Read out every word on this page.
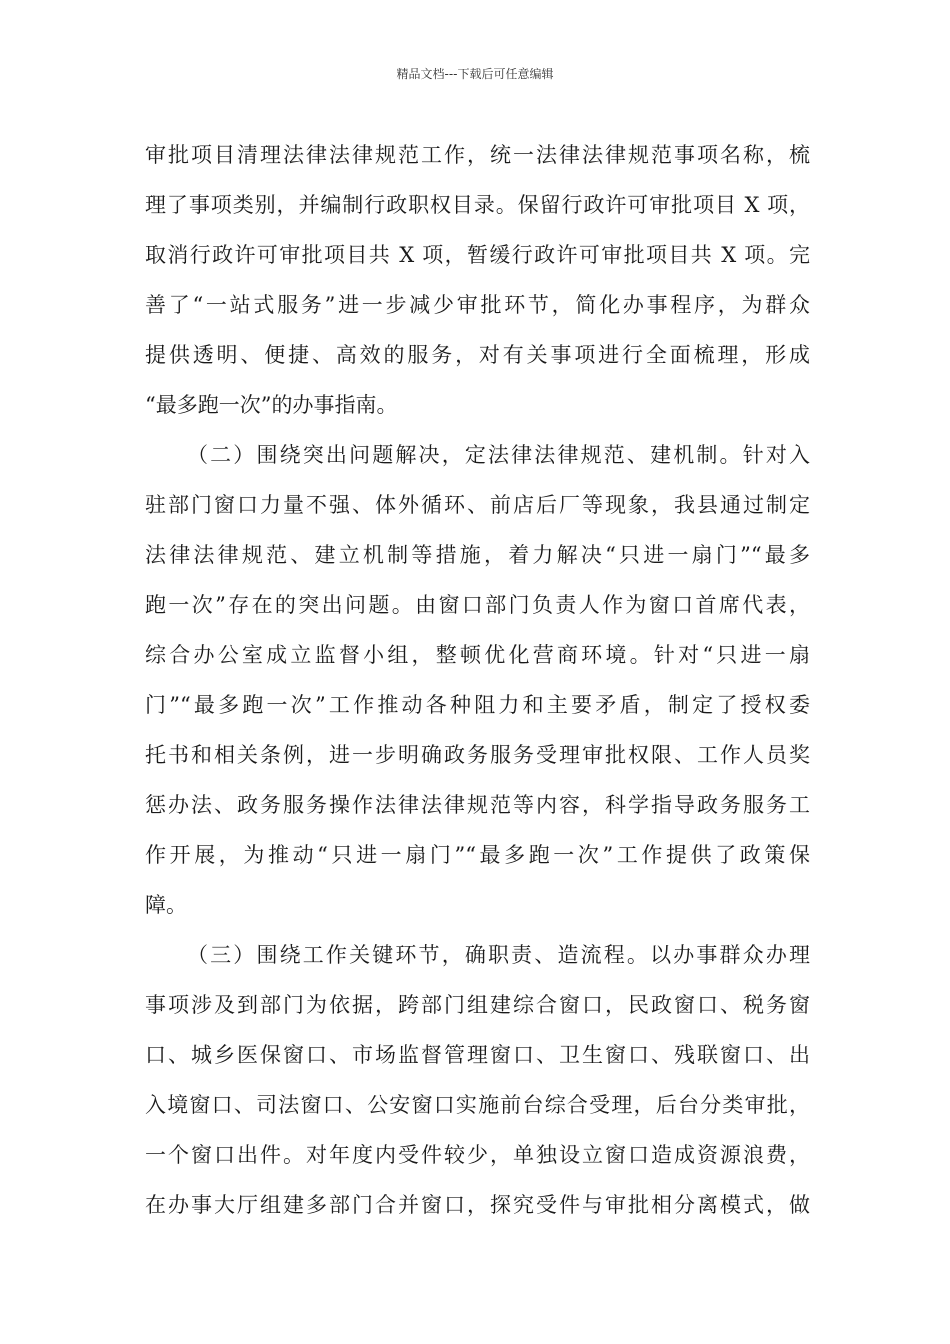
精品文档---下载后可任意编辑
审批项目清理法律法律规范工作，统一法律法律规范事项名称，梳
理了事项类别，并编制行政职权目录。保留行政许可审批项目 X 项，
取消行政许可审批项目共 X 项，暂缓行政许可审批项目共 X 项。完
善了“一站式服务”进一步减少审批环节，简化办事程序，为群众
提供透明、便捷、高效的服务，对有关事项进行全面梳理，形成
“最多跑一次”的办事指南。
（二）围绕突出问题解决，定法律法律规范、建机制。针对入
驻部门窗口力量不强、体外循环、前店后厂等现象，我县通过制定
法律法律规范、建立机制等措施，着力解决“只进一扇门”“最多
跑一次”存在的突出问题。由窗口部门负责人作为窗口首席代表，
综合办公室成立监督小组，整顿优化营商环境。针对“只进一扇
门”“最多跑一次”工作推动各种阻力和主要矛盾，制定了授权委
托书和相关条例，进一步明确政务服务受理审批权限、工作人员奖
惩办法、政务服务操作法律法律规范等内容，科学指导政务服务工
作开展，为推动“只进一扇门”“最多跑一次”工作提供了政策保
障。
（三）围绕工作关键环节，确职责、造流程。以办事群众办理
事项涉及到部门为依据，跨部门组建综合窗口，民政窗口、税务窗
口、城乡医保窗口、市场监督管理窗口、卫生窗口、残联窗口、出
入境窗口、司法窗口、公安窗口实施前台综合受理，后台分类审批，
一个窗口出件。对年度内受件较少，单独设立窗口造成资源浪费，
在办事大厅组建多部门合并窗口，探究受件与审批相分离模式，做
